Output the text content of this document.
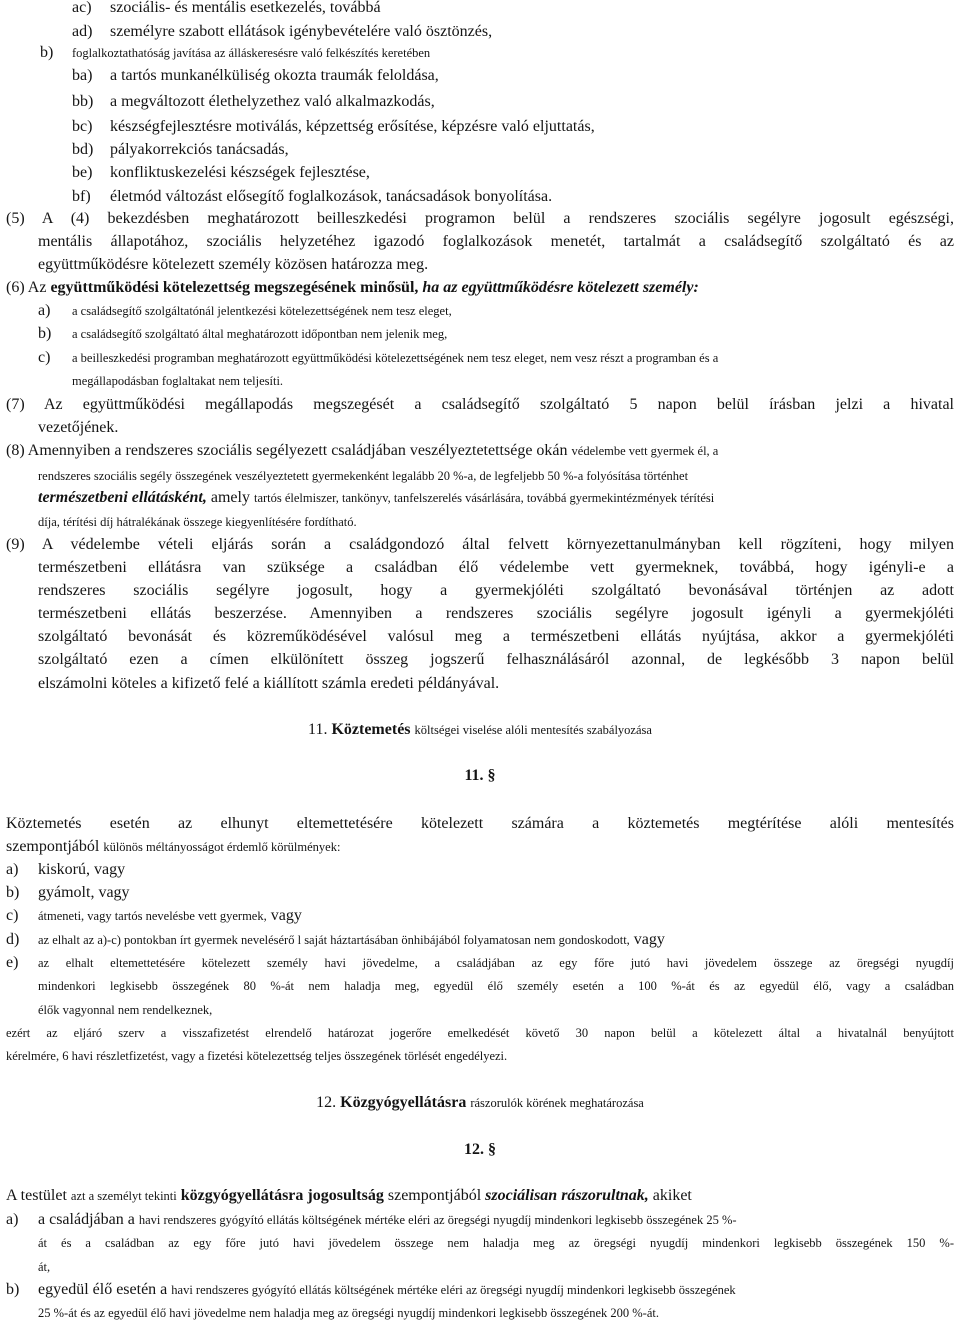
ac) szociális- és mentális esetkezelés, továbbá
ad) személyre szabott ellátások igénybevételére való ösztönzés,
b) foglalkoztathatóság javítása az álláskeresésre való felkészítés keretében
ba) a tartós munkanélküliség okozta traumák feloldása,
bb) a megváltozott élethelyzethez való alkalmazkodás,
bc) készségfejlesztésre motiválás, képzettség erősítése, képzésre való eljuttatás,
bd) pályakorrekciós tanácsadás,
be) konfliktuskezelési készségek fejlesztése,
bf) életmód változást elősegítő foglalkozások, tanácsadások bonyolítása.
(5) A (4) bekezdésben meghatározott beilleszkedési programon belül a rendszeres szociális segélyre jogosult egészségi,
mentális állapotához, szociális helyzetéhez igazodó foglalkozások menetét, tartalmát a családsegítő szolgáltató és az
együttműködésre kötelezett személy közösen határozza meg.
(6) Az együttműködési kötelezettség megszegésének minősül, ha az együttműködésre kötelezett személy:
a) a családsegítő szolgáltatónál jelentkezési kötelezettségének nem tesz eleget,
b) a családsegítő szolgáltató által meghatározott időpontban nem jelenik meg,
c) a beilleszkedési programban meghatározott együttműködési kötelezettségének nem tesz eleget, nem vesz részt a programban és a
megállapodásban foglaltakat nem teljesíti.
(7) Az együttműködési megállapodás megszegését a családsegítő szolgáltató 5 napon belül írásban jelzi a hivatal
vezetőjének.
(8) Amennyiben a rendszeres szociális segélyezett családjában veszélyeztetettsége okán védelembe vett gyermek él, a
rendszeres szociális segély összegének veszélyeztetett gyermekenként legalább 20 %-a, de legfeljebb 50 %-a folyósítása történhet
természetbeni ellátásként, amely tartós élelmiszer, tankönyv, tanfelszerelés vásárlására, továbbá gyermekintézmények térítési
díja, térítési díj hátralékának összege kiegyenlítésére fordítható.
(9) A védelembe vételi eljárás során a családgondozó által felvett környezettanulmányban kell rögzíteni, hogy milyen
természetbeni ellátásra van szüksége a családban élő védelembe vett gyermeknek, továbbá, hogy igényli-e a
rendszeres szociális segélyre jogosult, hogy a gyermekjóléti szolgáltató bevonásával történjen az adott
természetbeni ellátás beszerzése. Amennyiben a rendszeres szociális segélyre jogosult igényli a gyermekjóléti
szolgáltató bevonását és közreműködésével valósul meg a természetbeni ellátás nyújtása, akkor a gyermekjóléti
szolgáltató ezen a címen elkülönített összeg jogszerű felhasználásáról azonnal, de legkésőbb 3 napon belül
elszámolni köteles a kifizető felé a kiállított számla eredeti példányával.
11. Köztemetés költségei viselése alóli mentesítés szabályozása
11. §
Köztemetés esetén az elhunyt eltemettetésére kötelezett számára a köztemetés megtérítése alóli mentesítés
szempontjából különös méltányosságot érdemlő körülmények:
a) kiskorú, vagy
b) gyámolt, vagy
c) átmeneti, vagy tartós nevelésbe vett gyermek, vagy
d) az elhalt az a)-c) pontokban írt gyermek nevelésérő l saját háztartásában önhibájából folyamatosan nem gondoskodott, vagy
e) az elhalt eltemettetésére kötelezett személy havi jövedelme, a családjában az egy főre jutó havi jövedelem összege az öregségi nyugdíj
mindenkori legkisebb összegének 80 %-át nem haladja meg, egyedül élő személy esetén a 100 %-át és az egyedül élő, vagy a családban
élők vagyonnal nem rendelkeznek,
ezért az eljáró szerv a visszafizetést elrendelő határozat jogerőre emelkedését követő 30 napon belül a kötelezett által a hivatalnál benyújtott
kérelmére, 6 havi részletfizetést, vagy a fizetési kötelezettség teljes összegének törlését engedélyezi.
12. Közgyógyellátásra rászorulók körének meghatározása
12. §
A testület azt a személyt tekinti közgyógyellátásra jogosultság szempontjából szociálisan rászorultnak, akiket
a) a családjában a havi rendszeres gyógyító ellátás költségének mértéke eléri az öregségi nyugdíj mindenkori legkisebb összegének 25 %-
át és a családban az egy főre jutó havi jövedelem összege nem haladja meg az öregségi nyugdíj mindenkori legkisebb összegének 150 %-
át,
b) egyedül élő esetén a havi rendszeres gyógyító ellátás költségének mértéke eléri az öregségi nyugdíj mindenkori legkisebb összegének
25 %-át és az egyedül élő havi jövedelme nem haladja meg az öregségi nyugdíj mindenkori legkisebb összegének 200 %-át.
